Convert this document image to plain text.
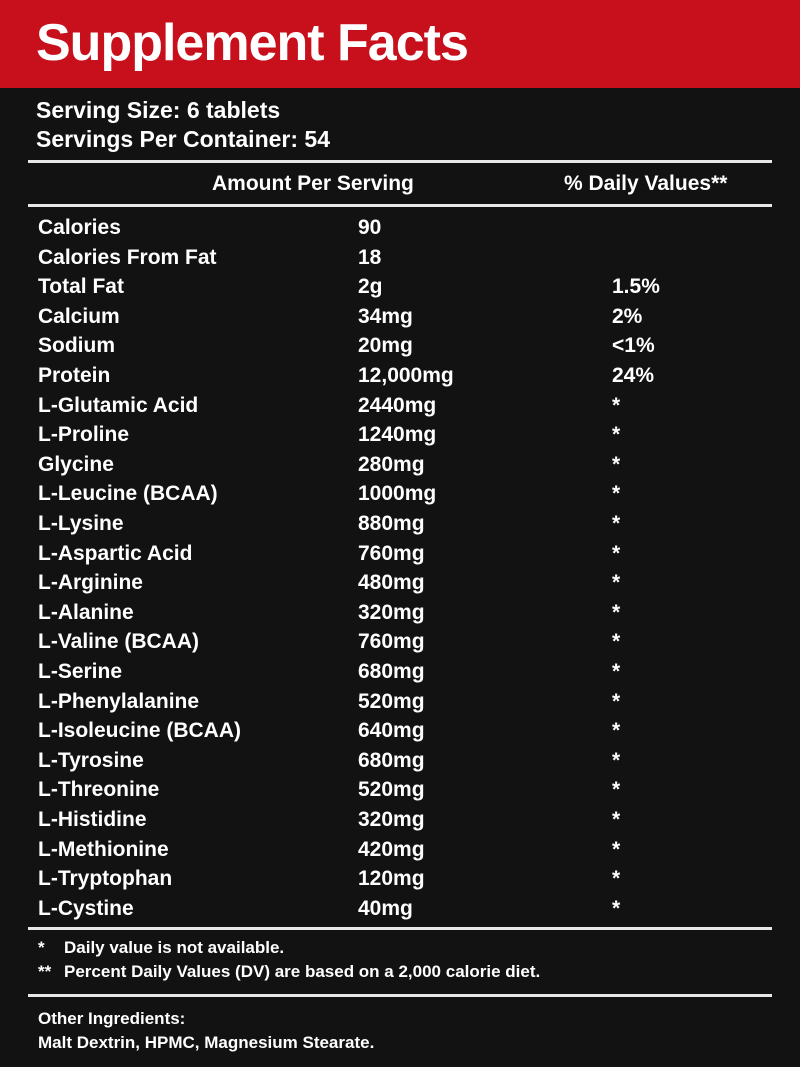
Supplement Facts
Serving Size: 6 tablets
Servings Per Container: 54
Amount Per Serving	% Daily Values**
Calories	90
Calories From Fat	18
Total Fat	2g	1.5%
Calcium	34mg	2%
Sodium	20mg	<1%
Protein	12,000mg	24%
L-Glutamic Acid	2440mg	*
L-Proline	1240mg	*
Glycine	280mg	*
L-Leucine (BCAA)	1000mg	*
L-Lysine	880mg	*
L-Aspartic Acid	760mg	*
L-Arginine	480mg	*
L-Alanine	320mg	*
L-Valine (BCAA)	760mg	*
L-Serine	680mg	*
L-Phenylalanine	520mg	*
L-Isoleucine (BCAA)	640mg	*
L-Tyrosine	680mg	*
L-Threonine	520mg	*
L-Histidine	320mg	*
L-Methionine	420mg	*
L-Tryptophan	120mg	*
L-Cystine	40mg	*
* Daily value is not available.
** Percent Daily Values (DV) are based on a 2,000 calorie diet.
Other Ingredients:
Malt Dextrin, HPMC, Magnesium Stearate.
